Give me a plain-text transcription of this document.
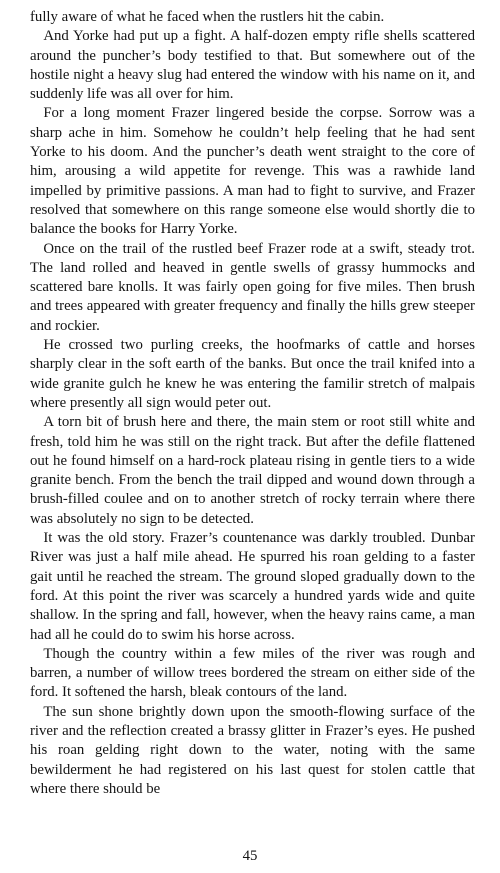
fully aware of what he faced when the rustlers hit the cabin.

And Yorke had put up a fight. A half-dozen empty rifle shells scattered around the puncher’s body testified to that. But somewhere out of the hostile night a heavy slug had entered the window with his name on it, and suddenly life was all over for him.

For a long moment Frazer lingered beside the corpse. Sorrow was a sharp ache in him. Somehow he couldn’t help feeling that he had sent Yorke to his doom. And the puncher’s death went straight to the core of him, arousing a wild appetite for revenge. This was a rawhide land impelled by primitive passions. A man had to fight to survive, and Frazer resolved that somewhere on this range someone else would shortly die to balance the books for Harry Yorke.

Once on the trail of the rustled beef Frazer rode at a swift, steady trot. The land rolled and heaved in gentle swells of grassy hummocks and scattered bare knolls. It was fairly open going for five miles. Then brush and trees appeared with greater frequency and finally the hills grew steeper and rockier.

He crossed two purling creeks, the hoofmarks of cattle and horses sharply clear in the soft earth of the banks. But once the trail knifed into a wide granite gulch he knew he was entering the familir stretch of malpais where presently all sign would peter out.

A torn bit of brush here and there, the main stem or root still white and fresh, told him he was still on the right track. But after the defile flattened out he found himself on a hard-rock plateau rising in gentle tiers to a wide granite bench. From the bench the trail dipped and wound down through a brush-filled coulee and on to another stretch of rocky terrain where there was absolutely no sign to be detected.

It was the old story. Frazer’s countenance was darkly troubled. Dunbar River was just a half mile ahead. He spurred his roan gelding to a faster gait until he reached the stream. The ground sloped gradually down to the ford. At this point the river was scarcely a hundred yards wide and quite shallow. In the spring and fall, however, when the heavy rains came, a man had all he could do to swim his horse across.

Though the country within a few miles of the river was rough and barren, a number of willow trees bordered the stream on either side of the ford. It softened the harsh, bleak contours of the land.

The sun shone brightly down upon the smooth-flowing surface of the river and the reflection created a brassy glitter in Frazer’s eyes. He pushed his roan gelding right down to the water, noting with the same bewilderment he had registered on his last quest for stolen cattle that where there should be

45
